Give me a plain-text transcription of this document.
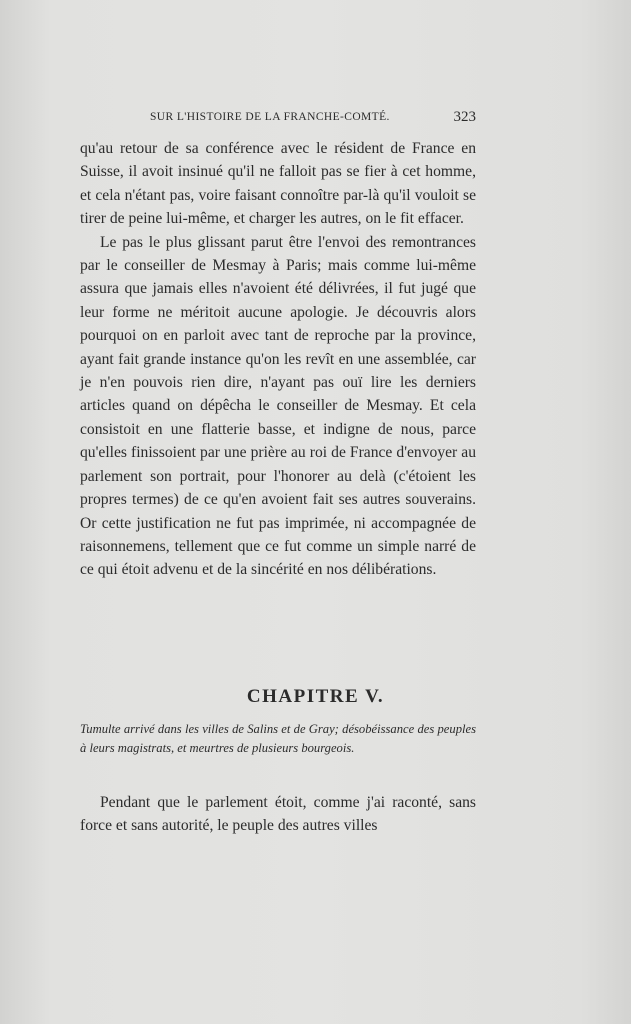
SUR L'HISTOIRE DE LA FRANCHE-COMTÉ.	323

qu'au retour de sa conférence avec le résident de France en Suisse, il avoit insinué qu'il ne falloit pas se fier à cet homme, et cela n'étant pas, voire faisant connoître par-là qu'il vouloit se tirer de peine lui-même, et charger les autres, on le fit effacer.

Le pas le plus glissant parut être l'envoi des remontrances par le conseiller de Mesmay à Paris; mais comme lui-même assura que jamais elles n'avoient été délivrées, il fut jugé que leur forme ne méritoit aucune apologie. Je découvris alors pourquoi on en parloit avec tant de reproche par la province, ayant fait grande instance qu'on les revît en une assemblée, car je n'en pouvois rien dire, n'ayant pas ouï lire les derniers articles quand on dépêcha le conseiller de Mesmay. Et cela consistoit en une flatterie basse, et indigne de nous, parce qu'elles finissoient par une prière au roi de France d'envoyer au parlement son portrait, pour l'honorer au delà (c'étoient les propres termes) de ce qu'en avoient fait ses autres souverains. Or cette justification ne fut pas imprimée, ni accompagnée de raisonnemens, tellement que ce fut comme un simple narré de ce qui étoit advenu et de la sincérité en nos délibérations.

CHAPITRE V.

Tumulte arrivé dans les villes de Salins et de Gray; désobéissance des peuples à leurs magistrats, et meurtres de plusieurs bourgeois.

Pendant que le parlement étoit, comme j'ai raconté, sans force et sans autorité, le peuple des autres villes
